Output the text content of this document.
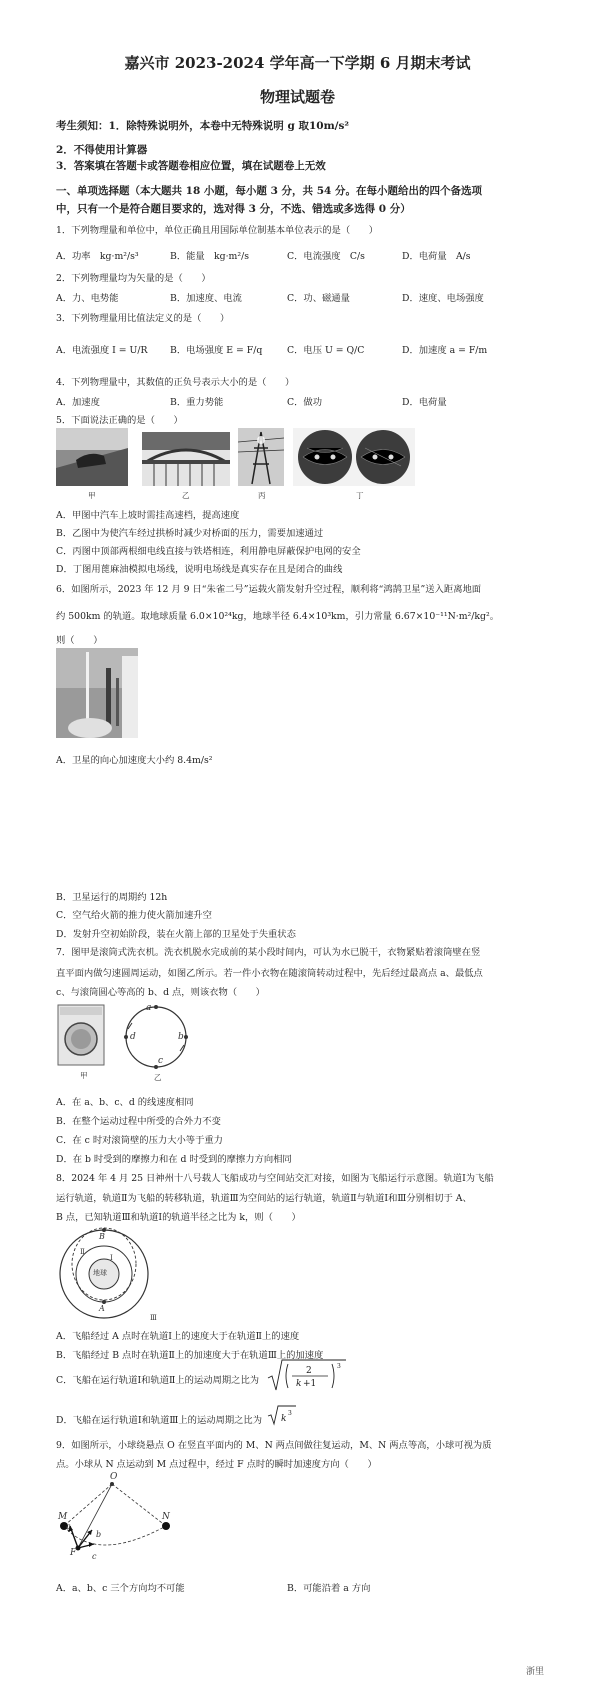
嘉兴市 2023-2024 学年高一下学期 6 月期末考试
物理试题卷
考生须知：1．除特殊说明外，本卷中无特殊说明 g 取10m/s²
2．不得使用计算器
3．答案填在答题卡或答题卷相应位置，填在试题卷上无效
一、单项选择题（本大题共 18 小题，每小题 3 分，共 54 分。在每小题给出的四个备选项
中，只有一个是符合题目要求的，选对得 3 分，不选、错选或多选得 0 分）
1．下列物理量和单位中，单位正确且用国际单位制基本单位表示的是（　　）
A．功率　kg·m²/s³	B．能量　kg·m²/s	C．电流强度　C/s	D．电荷量　A/s
2．下列物理量均为矢量的是（　　）
A．力、电势能	B．加速度、电流	C．功、磁通量	D．速度、电场强度
3．下列物理量用比值法定义的是（　　）
A．电流强度 I = U/R B．电场强度 E = F/q	C．电压 U = Q/C	D．加速度 a = F/m
4．下列物理量中，其数值的正负号表示大小的是（　　）
A．加速度	B．重力势能	C．做功	D．电荷量
5．下面说法正确的是（　　）
甲	乙	丙	丁
A．甲图中汽车上坡时需挂高速档，提高速度
B．乙图中为使汽车经过拱桥时减少对桥面的压力，需要加速通过
C．丙图中顶部两根细电线直接与铁塔相连，利用静电屏蔽保护电网的安全
D．丁图用蓖麻油模拟电场线，说明电场线是真实存在且是闭合的曲线
6．如图所示，2023 年 12 月 9 日“朱雀二号”运载火箭发射升空过程，顺利将“鸿鹄卫星”送入距离地面
约 500km 的轨道。取地球质量 6.0×10²⁴kg，地球半径 6.4×10³km，引力常量 6.67×10⁻¹¹N·m²/kg²。
则（　　）
A．卫星的向心加速度大小约 8.4m/s²
B．卫星运行的周期约 12h
C．空气给火箭的推力使火箭加速升空
D．发射升空初始阶段，装在火箭上部的卫星处于失重状态
7．图甲是滚筒式洗衣机。洗衣机脱水完成前的某小段时间内，可认为水已脱干，衣物紧贴着滚筒壁在竖
直平面内做匀速圆周运动，如图乙所示。若一件小衣物在随滚筒转动过程中，先后经过最高点 a、最低点
c、与滚筒圆心等高的 b、d 点，则该衣物（　　）
甲
a
b
c
d
乙
A．在 a、b、c、d 的线速度相同
B．在整个运动过程中所受的合外力不变
C．在 c 时对滚筒壁的压力大小等于重力
D．在 b 时受到的摩擦力和在 d 时受到的摩擦力方向相同
8．2024 年 4 月 25 日神州十八号载人飞船成功与空间站交汇对接，如图为飞船运行示意图。轨道Ⅰ为飞船
运行轨道，轨道Ⅱ为飞船的转移轨道，轨道Ⅲ为空间站的运行轨道，轨道Ⅱ与轨道Ⅰ和Ⅲ分别相切于 A、
B 点，已知轨道Ⅲ和轨道Ⅰ的轨道半径之比为 k，则（　　）
地球
A
B
Ⅰ
Ⅱ
Ⅲ
A．飞船经过 A 点时在轨道Ⅰ上的速度大于在轨道Ⅱ上的速度
B．飞船经过 B 点时在轨道Ⅱ上的加速度大于在轨道Ⅲ上的加速度
C．飞船在运行轨道Ⅰ和轨道Ⅱ上的运动周期之比为
2
k +1
3
D．飞船在运行轨道Ⅰ和轨道Ⅲ上的运动周期之比为 k
3
9．如图所示，小球绕悬点 O 在竖直平面内的 M、N 两点间做往复运动，M、N 两点等高，小球可视为质
点。小球从 N 点运动到 M 点过程中，经过 F 点时的瞬时加速度方向（　　）
O
M	N
F
a
b
c
A．a、b、c 三个方向均不可能	B．可能沿着 a 方向
浙里
